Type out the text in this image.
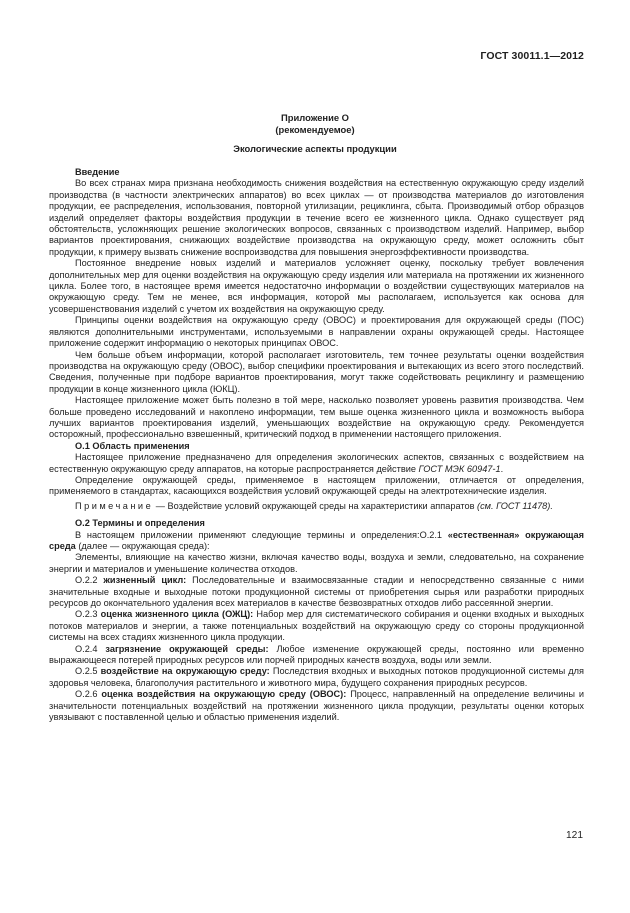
ГОСТ 30011.1—2012
Приложение О
(рекомендуемое)
Экологические аспекты продукции

Введение

Во всех странах мира признана необходимость снижения воздействия на естественную окружающую среду изделий производства (в частности электрических аппаратов) во всех циклах — от производства материалов до изготовления продукции, ее распределения, использования, повторной утилизации, рециклинга, сбыта. Производимый отбор образцов изделий определяет факторы воздействия продукции в течение всего ее жизненного цикла. Однако существует ряд обстоятельств, усложняющих решение экологических вопросов, связанных с производством изделий. Например, выбор вариантов проектирования, снижающих воздействие производства на окружающую среду, может осложнить сбыт продукции, к примеру вызвать снижение воспроизводства для повышения энергоэффективности производства.

Постоянное внедрение новых изделий и материалов усложняет оценку, поскольку требует вовлечения дополнительных мер для оценки воздействия на окружающую среду изделия или материала на протяжении их жизненного цикла. Более того, в настоящее время имеется недостаточно информации о воздействии существующих материалов на окружающую среду. Тем не менее, вся информация, которой мы располагаем, используется как основа для усовершенствования изделий с учетом их воздействия на окружающую среду.

Принципы оценки воздействия на окружающую среду (ОВОС) и проектирования для окружающей среды (ПОС) являются дополнительными инструментами, используемыми в направлении охраны окружающей среды. Настоящее приложение содержит информацию о некоторых принципах ОВОС.

Чем больше объем информации, которой располагает изготовитель, тем точнее результаты оценки воздействия производства на окружающую среду (ОВОС), выбор специфики проектирования и вытекающих из всего этого последствий. Сведения, полученные при подборе вариантов проектирования, могут также содействовать рециклингу и размещению продукции в конце жизненного цикла (ЮКЦ).

Настоящее приложение может быть полезно в той мере, насколько позволяет уровень развития производства. Чем больше проведено исследований и накоплено информации, тем выше оценка жизненного цикла и возможность выбора лучших вариантов проектирования изделий, уменьшающих воздействие на окружающую среду. Рекомендуется осторожный, профессионально взвешенный, критический подход в применении настоящего приложения.

О.1 Область применения

Настоящее приложение предназначено для определения экологических аспектов, связанных с воздействием на естественную окружающую среду аппаратов, на которые распространяется действие ГОСТ МЭК 60947-1.

Определение окружающей среды, применяемое в настоящем приложении, отличается от определения, применяемого в стандартах, касающихся воздействия условий окружающей среды на электротехнические изделия.

Примечание — Воздействие условий окружающей среды на характеристики аппаратов (см. ГОСТ 11478).

О.2 Термины и определения

В настоящем приложении применяют следующие термины и определения:О.2.1 «естественная» окружающая среда (далее — окружающая среда):

Элементы, влияющие на качество жизни, включая качество воды, воздуха и земли, следовательно, на сохранение энергии и материалов и уменьшение количества отходов.

О.2.2 жизненный цикл: Последовательные и взаимосвязанные стадии и непосредственно связанные с ними значительные входные и выходные потоки продукционной системы от приобретения сырья или разработки природных ресурсов до окончательного удаления всех материалов в качестве безвозвратных отходов либо рассеянной энергии.

О.2.3 оценка жизненного цикла (ОЖЦ): Набор мер для систематического собирания и оценки входных и выходных потоков материалов и энергии, а также потенциальных воздействий на окружающую среду со стороны продукционной системы на всех стадиях жизненного цикла продукции.

О.2.4 загрязнение окружающей среды: Любое изменение окружающей среды, постоянно или временно выражающееся потерей природных ресурсов или порчей природных качеств воздуха, воды или земли.

О.2.5 воздействие на окружающую среду: Последствия входных и выходных потоков продукционной системы для здоровья человека, благополучия растительного и животного мира, будущего сохранения природных ресурсов.

О.2.6 оценка воздействия на окружающую среду (ОВОС): Процесс, направленный на определение величины и значительности потенциальных воздействий на протяжении жизненного цикла продукции, результаты оценки которых увязывают с поставленной целью и областью применения изделий.

121
